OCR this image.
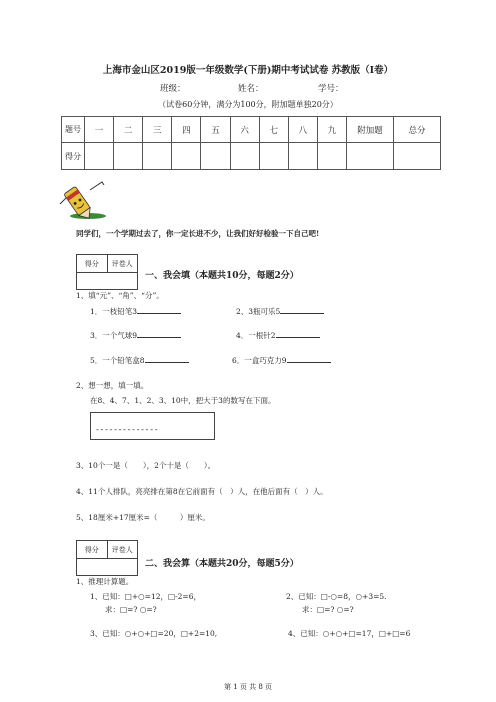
上海市金山区2019版一年级数学(下册)期中考试试卷 苏教版（I卷）
班级：	姓名：	学号：
（试卷60分钟，满分为100分，附加题单独20分）
题号	一	二	三	四	五	六	七	八	九	附加题	总分
得分											
同学们，一个学期过去了，你一定长进不少，让我们好好检验一下自己吧!
得分	评卷人
一、我会填（本题共10分，每题2分）
1、填“元”、“角”、“分”。
1．一枝铅笔3	2、3瓶可乐5
3．一个气球9	4．一根针2
5．一个铅笔盒8	6．一盒巧克力9
2、想一想，填一填。
在8、4、7、1、2、3、10中，把大于3的数写在下面。
--------------
3、10个一是（　　），2个十是（　　）。
4、11个人排队，亮亮排在第8在它前面有（　）人，在他后面有（　）人。
5、18厘米+17厘米=（　　　）厘米。
得分	评卷人
二、我会算（本题共20分，每题5分）
1、推理计算题。
1、已知：□+○=12，□-2=6，
求：□=? ○=?
2、已知：□-○=8，○+3=5.
求：□=? ○=?
3、已知：○+○+□=20，□+2=10,	4、已知：○+○+□=17，□+□=6
第 1 页 共 8 页
